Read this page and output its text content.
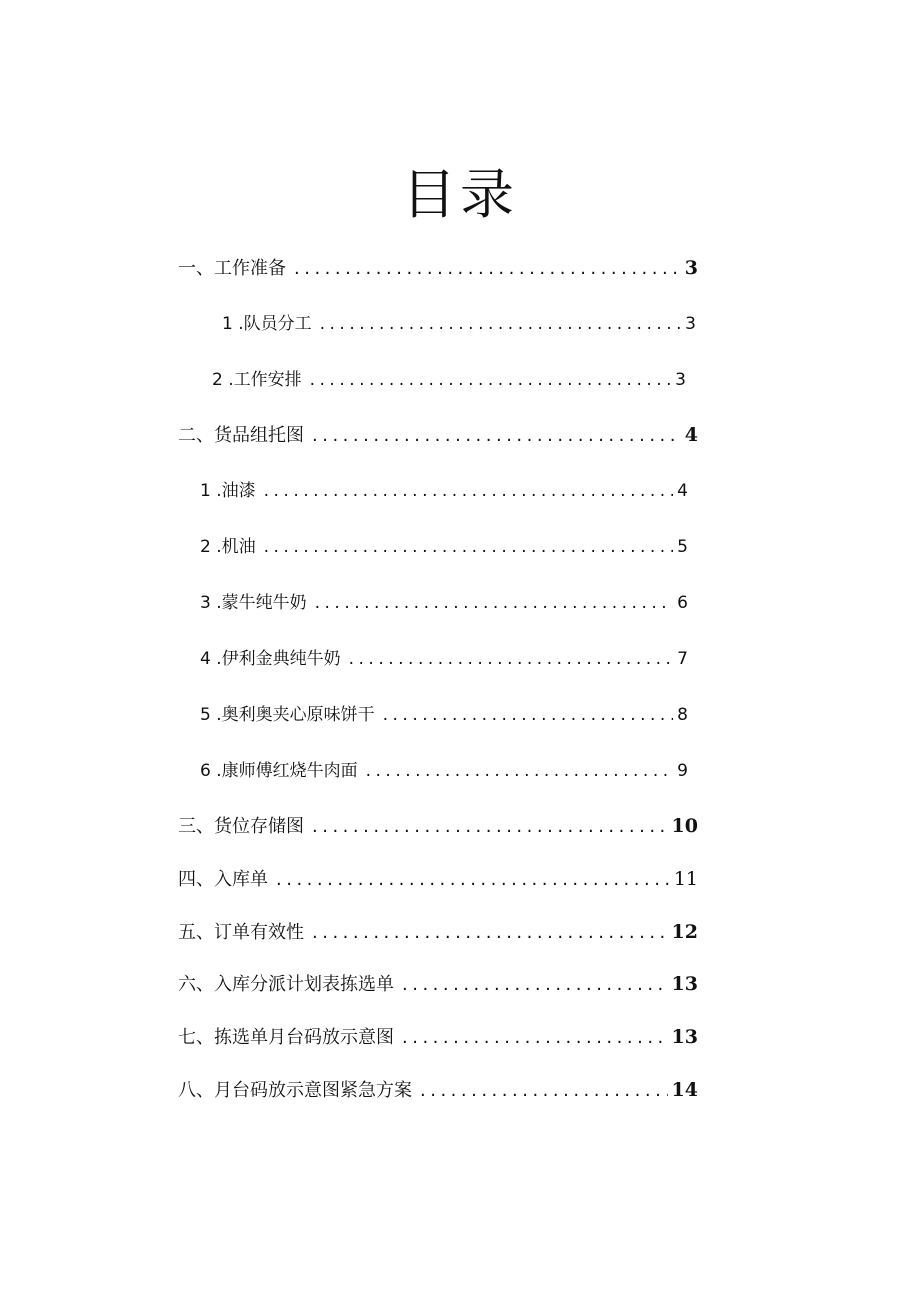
目录
一、工作准备 .....	3
1 .队员分工 .....	3
2 .工作安排 .....	3
二、货品组托图 .....	4
1 .油漆 .....	4
2 .机油 .....	5
3 .蒙牛纯牛奶 .....	6
4 .伊利金典纯牛奶 .....	7
5 .奥利奥夹心原味饼干 .....	8
6 .康师傅红烧牛肉面 .....	9
三、货位存储图 .....	10
四、入库单 .....	11
五、订单有效性 .....	12
六、入库分派计划表拣选单 .....	13
七、拣选单月台码放示意图 .....	13
八、月台码放示意图紧急方案 .....	14
